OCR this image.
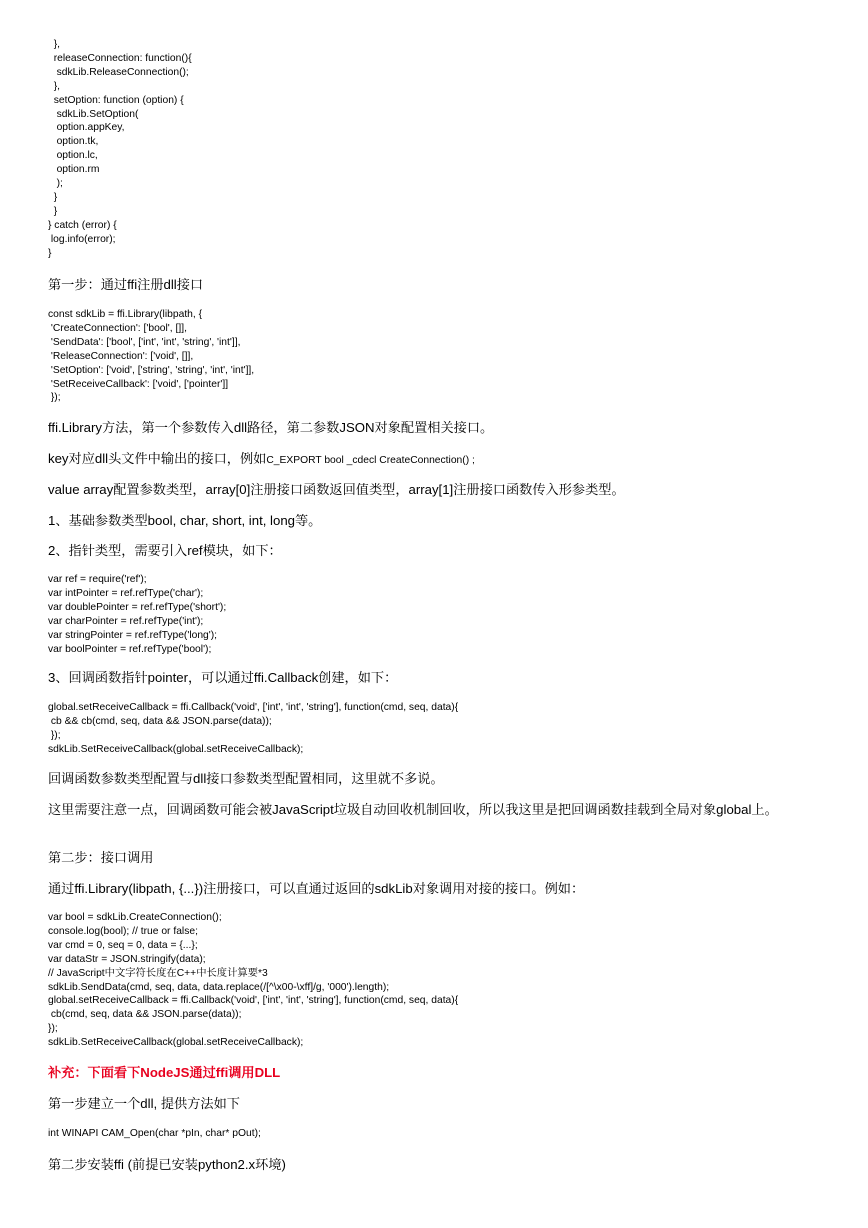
},
releaseConnection: function(){
sdkLib.ReleaseConnection();
},
setOption: function (option) {
sdkLib.SetOption(
option.appKey,
option.tk,
option.lc,
option.rm
);
}
}
} catch (error) {
log.info(error);
}

第一步：通过ffi注册dll接口

const sdkLib = ffi.Library(libpath, {
'CreateConnection': ['bool', []],
'SendData': ['bool', ['int', 'int', 'string', 'int']],
'ReleaseConnection': ['void', []],
'SetOption': ['void', ['string', 'string', 'int', 'int']],
'SetReceiveCallback': ['void', ['pointer']]
});

ffi.Library方法，第一个参数传入dll路径，第二参数JSON对象配置相关接口。

key对应dll头文件中输出的接口，例如C_EXPORT bool _cdecl CreateConnection() ;

value array配置参数类型，array[0]注册接口函数返回值类型，array[1]注册接口函数传入形参类型。

1、基础参数类型bool, char, short, int, long等。

2、指针类型，需要引入ref模块，如下：

var ref = require('ref');
var intPointer = ref.refType('char');
var doublePointer = ref.refType('short');
var charPointer = ref.refType('int');
var stringPointer = ref.refType('long');
var boolPointer = ref.refType('bool');

3、回调函数指针pointer，可以通过ffi.Callback创建，如下：

global.setReceiveCallback = ffi.Callback('void', ['int', 'int', 'string'], function(cmd, seq, data){
cb && cb(cmd, seq, data && JSON.parse(data));
});
sdkLib.SetReceiveCallback(global.setReceiveCallback);

回调函数参数类型配置与dll接口参数类型配置相同，这里就不多说。

这里需要注意一点，回调函数可能会被JavaScript垃圾自动回收机制回收，所以我这里是把回调函数挂载到全局对象global上。

第二步：接口调用

通过ffi.Library(libpath, {...})注册接口，可以直通过返回的sdkLib对象调用对接的接口。例如：

var bool = sdkLib.CreateConnection();
console.log(bool); // true or false;
var cmd = 0, seq = 0, data = {...};
var dataStr = JSON.stringify(data);
// JavaScript中文字符长度在C++中长度计算要*3
sdkLib.SendData(cmd, seq, data, data.replace(/[^\x00-\xff]/g, '000').length);
global.setReceiveCallback = ffi.Callback('void', ['int', 'int', 'string'], function(cmd, seq, data){
cb(cmd, seq, data && JSON.parse(data));
});
sdkLib.SetReceiveCallback(global.setReceiveCallback);

补充：下面看下NodeJS通过ffi调用DLL

第一步建立一个dll, 提供方法如下

int WINAPI CAM_Open(char *pIn, char* pOut);

第二步安装ffi (前提已安装python2.x环境)
